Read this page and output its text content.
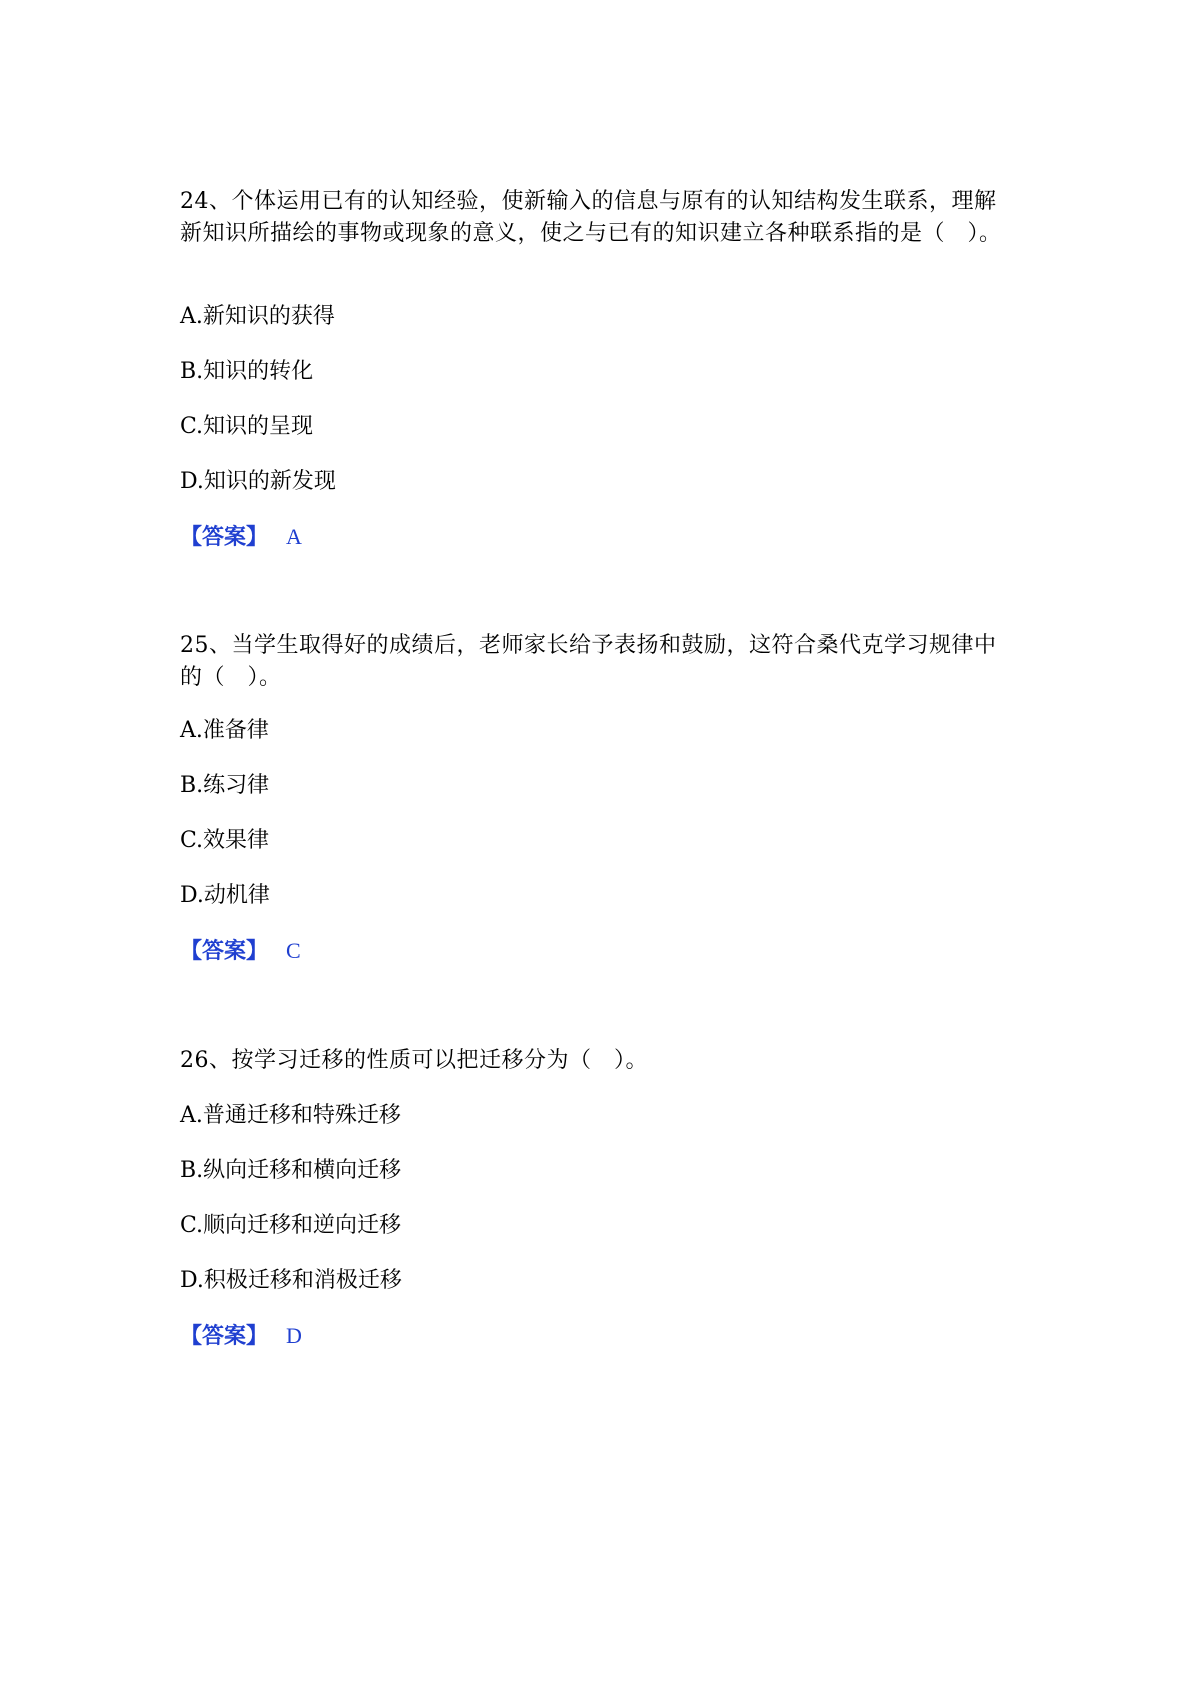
24、个体运用已有的认知经验，使新输入的信息与原有的认知结构发生联系，理解新知识所描绘的事物或现象的意义，使之与已有的知识建立各种联系指的是（　）。

A.新知识的获得

B.知识的转化

C.知识的呈现

D.知识的新发现

【答案】 A

25、当学生取得好的成绩后，老师家长给予表扬和鼓励，这符合桑代克学习规律中的（　）。

A.准备律

B.练习律

C.效果律

D.动机律

【答案】 C

26、按学习迁移的性质可以把迁移分为（　）。

A.普通迁移和特殊迁移

B.纵向迁移和横向迁移

C.顺向迁移和逆向迁移

D.积极迁移和消极迁移

【答案】 D
